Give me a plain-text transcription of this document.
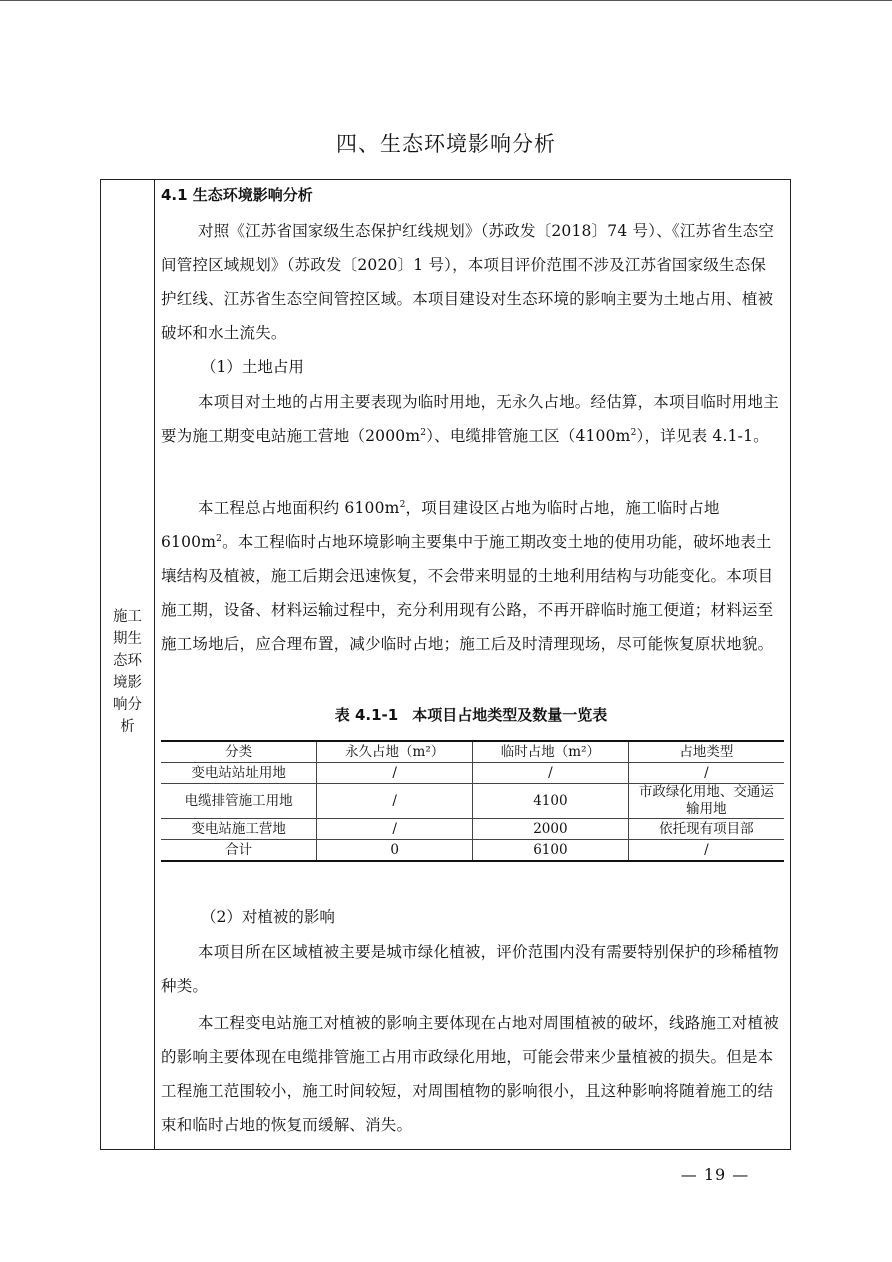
四、生态环境影响分析
施工
期生
态环
境影
响分
析
4.1 生态环境影响分析

对照《江苏省国家级生态保护红线规划》（苏政发〔2018〕74 号）、《江苏省生态空间管控区域规划》（苏政发〔2020〕1 号），本项目评价范围不涉及江苏省国家级生态保护红线、江苏省生态空间管控区域。本项目建设对生态环境的影响主要为土地占用、植被破坏和水土流失。

（1）土地占用

本项目对土地的占用主要表现为临时用地，无永久占地。经估算，本项目临时用地主要为施工期变电站施工营地$(2000m^2)$、电缆排管施工区$(4100m^2)$，详见表 4.1-1。

本工程总占地面积约 $6100m^2$，项目建设区占地为临时占地，施工临时占地 $6100m^2$。本工程临时占地环境影响主要集中于施工期改变土地的使用功能，破坏地表土壤结构及植被，施工后期会迅速恢复，不会带来明显的土地利用结构与功能变化。本项目施工期，设备、材料运输过程中，充分利用现有公路，不再开辟临时施工便道；材料运至施工场地后，应合理布置，减少临时占地；施工后及时清理现场，尽可能恢复原状地貌。

表 4.1-1 本项目占地类型及数量一览表
分类	永久占地（m²）	临时占地（m²）	占地类型
变电站站址用地	/	/	/
电缆排管施工用地	/	4100	市政绿化用地、交通运输用地
变电站施工营地	/	2000	依托现有项目部
合计	0	6100	/
（2）对植被的影响

本项目所在区域植被主要是城市绿化植被，评价范围内没有需要特别保护的珍稀植物种类。

本工程变电站施工对植被的影响主要体现在占地对周围植被的破坏，线路施工对植被的影响主要体现在电缆排管施工占用市政绿化用地，可能会带来少量植被的损失。但是本工程施工范围较小，施工时间较短，对周围植物的影响很小，且这种影响将随着施工的结束和临时占地的恢复而缓解、消失。

— 19 —
